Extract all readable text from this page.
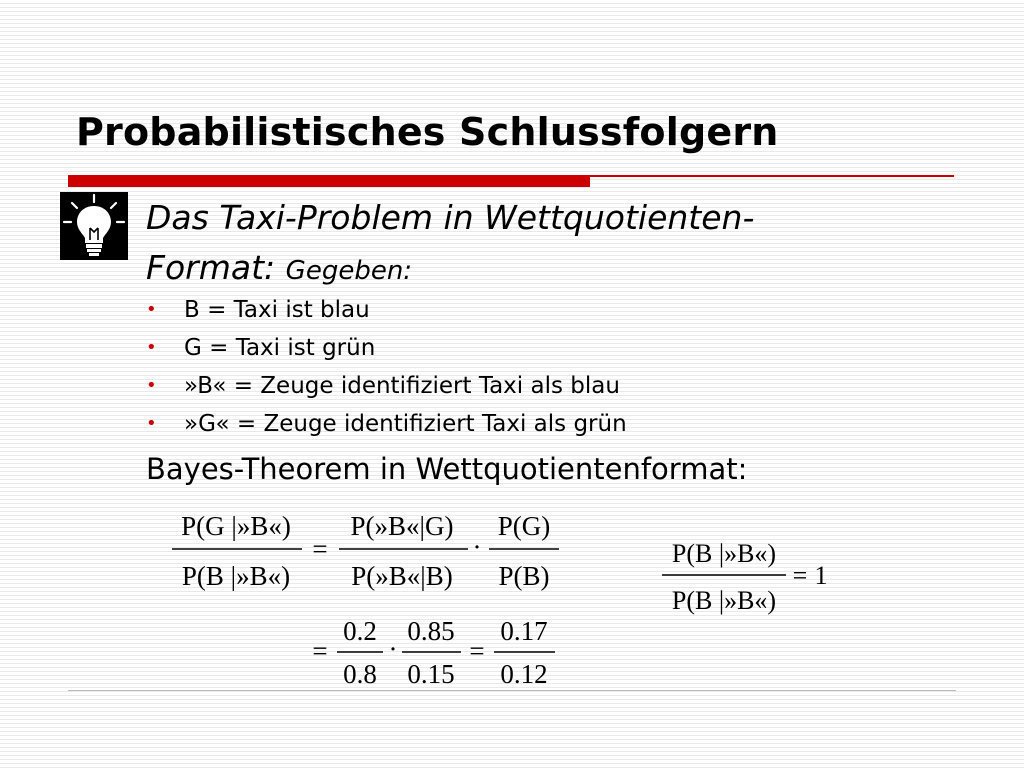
Probabilistisches Schlussfolgern
Das Taxi-Problem in Wettquotienten-
Format: Gegeben:
• B = Taxi ist blau
• G = Taxi ist grün
• »B« = Zeuge identifiziert Taxi als blau
• »G« = Zeuge identifiziert Taxi als grün
Bayes-Theorem in Wettquotientenformat:
P(G |»B«)
P(B |»B«)
=
P(»B«|G)
P(»B«|B)
·
P(G)
P(B)
=
0.2
0.8
·
0.85
0.15
=
0.17
0.12
P(B |»B«)
P(B |»B«)
= 1
